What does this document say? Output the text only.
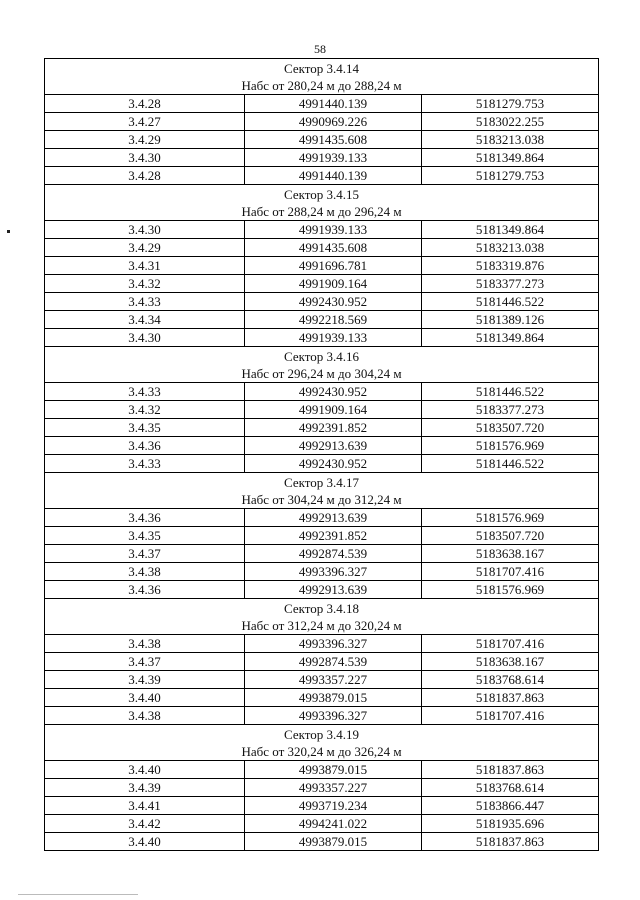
58
Сектор 3.4.14
Набс от 280,24 м до 288,24 м		

3.4.28	4991440.139	5181279.753
3.4.27	4990969.226	5183022.255
3.4.29	4991435.608	5183213.038
3.4.30	4991939.133	5181349.864
3.4.28	4991440.139	5181279.753

Сектор 3.4.15
Набс от 288,24 м до 296,24 м		

3.4.30	4991939.133	5181349.864
3.4.29	4991435.608	5183213.038
3.4.31	4991696.781	5183319.876
3.4.32	4991909.164	5183377.273
3.4.33	4992430.952	5181446.522
3.4.34	4992218.569	5181389.126
3.4.30	4991939.133	5181349.864

Сектор 3.4.16
Набс от 296,24 м до 304,24 м		

3.4.33	4992430.952	5181446.522
3.4.32	4991909.164	5183377.273
3.4.35	4992391.852	5183507.720
3.4.36	4992913.639	5181576.969
3.4.33	4992430.952	5181446.522

Сектор 3.4.17
Набс от 304,24 м до 312,24 м		

3.4.36	4992913.639	5181576.969
3.4.35	4992391.852	5183507.720
3.4.37	4992874.539	5183638.167
3.4.38	4993396.327	5181707.416
3.4.36	4992913.639	5181576.969

Сектор 3.4.18
Набс от 312,24 м до 320,24 м		

3.4.38	4993396.327	5181707.416
3.4.37	4992874.539	5183638.167
3.4.39	4993357.227	5183768.614
3.4.40	4993879.015	5181837.863
3.4.38	4993396.327	5181707.416

Сектор 3.4.19
Набс от 320,24 м до 326,24 м		

3.4.40	4993879.015	5181837.863
3.4.39	4993357.227	5183768.614
3.4.41	4993719.234	5183866.447
3.4.42	4994241.022	5181935.696
3.4.40	4993879.015	5181837.863
